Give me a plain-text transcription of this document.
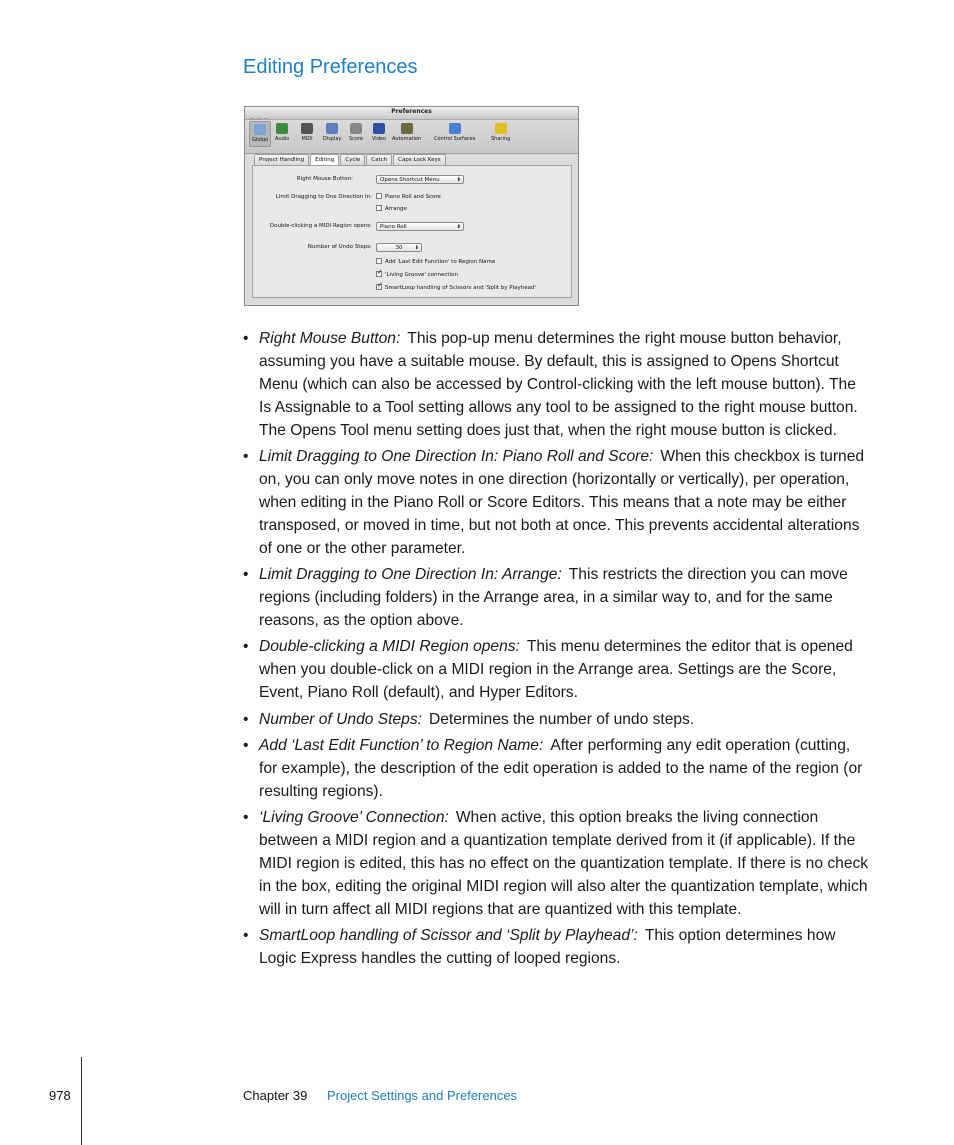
Editing Preferences
Preferences
Global Audio MIDI Display Score Video Automation	Control Surfaces	Sharing
Project Handling	Editing	Cycle	Catch	Caps Lock Keys
Right Mouse Button:	Opens Shortcut Menu	⬍
Limit Dragging to One Direction In:	Piano Roll and Score
Arrange
Double-clicking a MIDI Region opens:	Piano Roll	⬍
Number of Undo Steps:	30 ⬍
Add 'Last Edit Function' to Region Name
✓'Living Groove' connection
✓SmartLoop handling of Scissors and 'Split by Playhead'
• Right Mouse Button: This pop-up menu determines the right mouse button behavior, assuming you have a suitable mouse. By default, this is assigned to Opens Shortcut Menu (which can also be accessed by Control-clicking with the left mouse button). The Is Assignable to a Tool setting allows any tool to be assigned to the right mouse button. The Opens Tool menu setting does just that, when the right mouse button is clicked.
• Limit Dragging to One Direction In: Piano Roll and Score: When this checkbox is turned on, you can only move notes in one direction (horizontally or vertically), per operation, when editing in the Piano Roll or Score Editors. This means that a note may be either transposed, or moved in time, but not both at once. This prevents accidental alterations of one or the other parameter.
• Limit Dragging to One Direction In: Arrange: This restricts the direction you can move regions (including folders) in the Arrange area, in a similar way to, and for the same reasons, as the option above.
• Double-clicking a MIDI Region opens: This menu determines the editor that is opened when you double-click on a MIDI region in the Arrange area. Settings are the Score, Event, Piano Roll (default), and Hyper Editors.
• Number of Undo Steps: Determines the number of undo steps.
• Add ‘Last Edit Function’ to Region Name: After performing any edit operation (cutting, for example), the description of the edit operation is added to the name of the region (or resulting regions).
• ‘Living Groove’ Connection: When active, this option breaks the living connection between a MIDI region and a quantization template derived from it (if applicable). If the MIDI region is edited, this has no effect on the quantization template. If there is no check in the box, editing the original MIDI region will also alter the quantization template, which will in turn affect all MIDI regions that are quantized with this template.
• SmartLoop handling of Scissor and ‘Split by Playhead’: This option determines how Logic Express handles the cutting of looped regions.
978	Chapter 39 Project Settings and Preferences
